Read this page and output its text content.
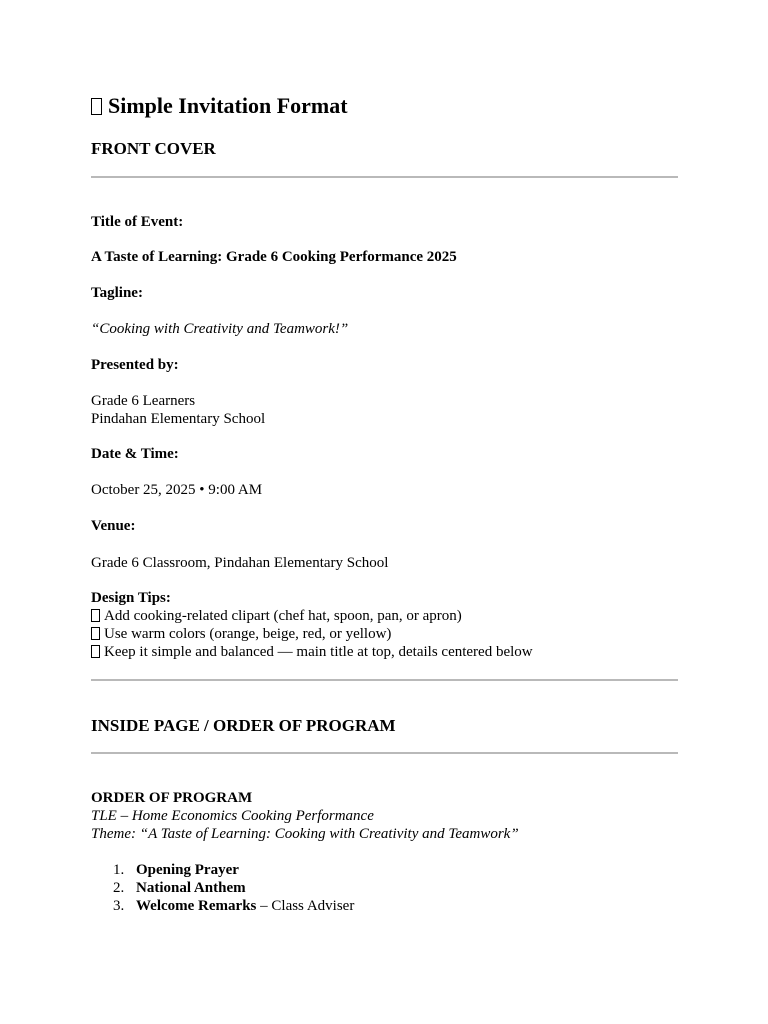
Simple Invitation Format
FRONT COVER
Title of Event:
A Taste of Learning: Grade 6 Cooking Performance 2025
Tagline:
“Cooking with Creativity and Teamwork!”
Presented by:
Grade 6 Learners
Pindahan Elementary School
Date & Time:
October 25, 2025 • 9:00 AM
Venue:
Grade 6 Classroom, Pindahan Elementary School
Design Tips:
Add cooking-related clipart (chef hat, spoon, pan, or apron)
Use warm colors (orange, beige, red, or yellow)
Keep it simple and balanced — main title at top, details centered below
INSIDE PAGE / ORDER OF PROGRAM
ORDER OF PROGRAM
TLE – Home Economics Cooking Performance
Theme: “A Taste of Learning: Cooking with Creativity and Teamwork”
1. Opening Prayer
2. National Anthem
3. Welcome Remarks – Class Adviser
